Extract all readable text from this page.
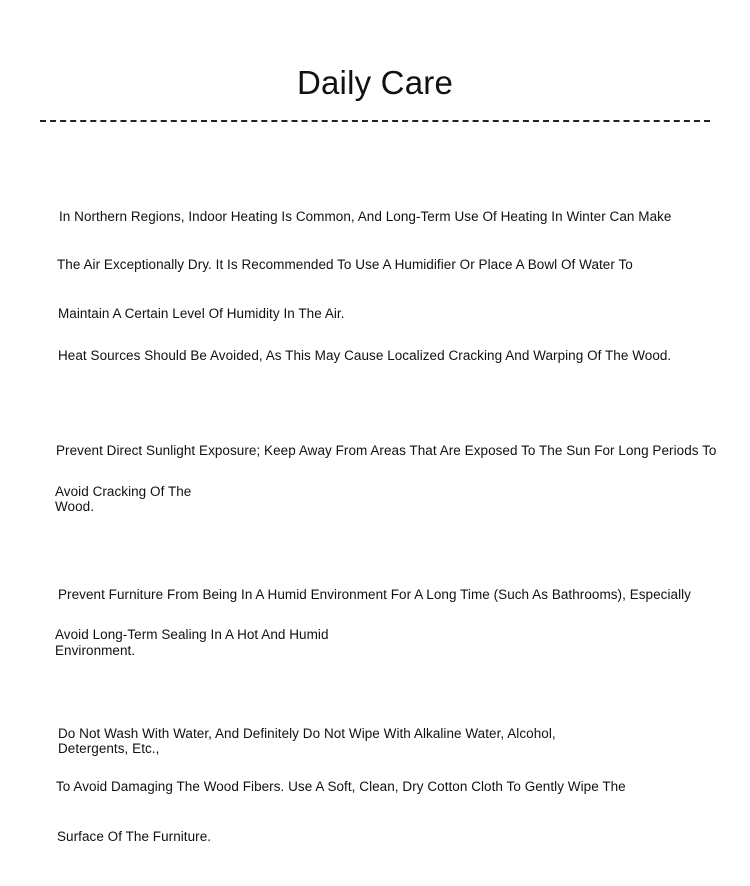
Daily Care
In Northern Regions, Indoor Heating Is Common, And Long-Term Use Of Heating In Winter Can Make
The Air Exceptionally Dry. It Is Recommended To Use A Humidifier Or Place A Bowl Of Water To
Maintain A Certain Level Of Humidity In The Air.
Heat Sources Should Be Avoided, As This May Cause Localized Cracking And Warping Of The Wood.
Prevent Direct Sunlight Exposure; Keep Away From Areas That Are Exposed To The Sun For Long Periods To
Avoid Cracking Of The
Wood.
Prevent Furniture From Being In A Humid Environment For A Long Time (Such As Bathrooms), Especially
Avoid Long-Term Sealing In A Hot And Humid
Environment.
Do Not Wash With Water, And Definitely Do Not Wipe With Alkaline Water, Alcohol,
Detergents, Etc.,
To Avoid Damaging The Wood Fibers. Use A Soft, Clean, Dry Cotton Cloth To Gently Wipe The
Surface Of The Furniture.
